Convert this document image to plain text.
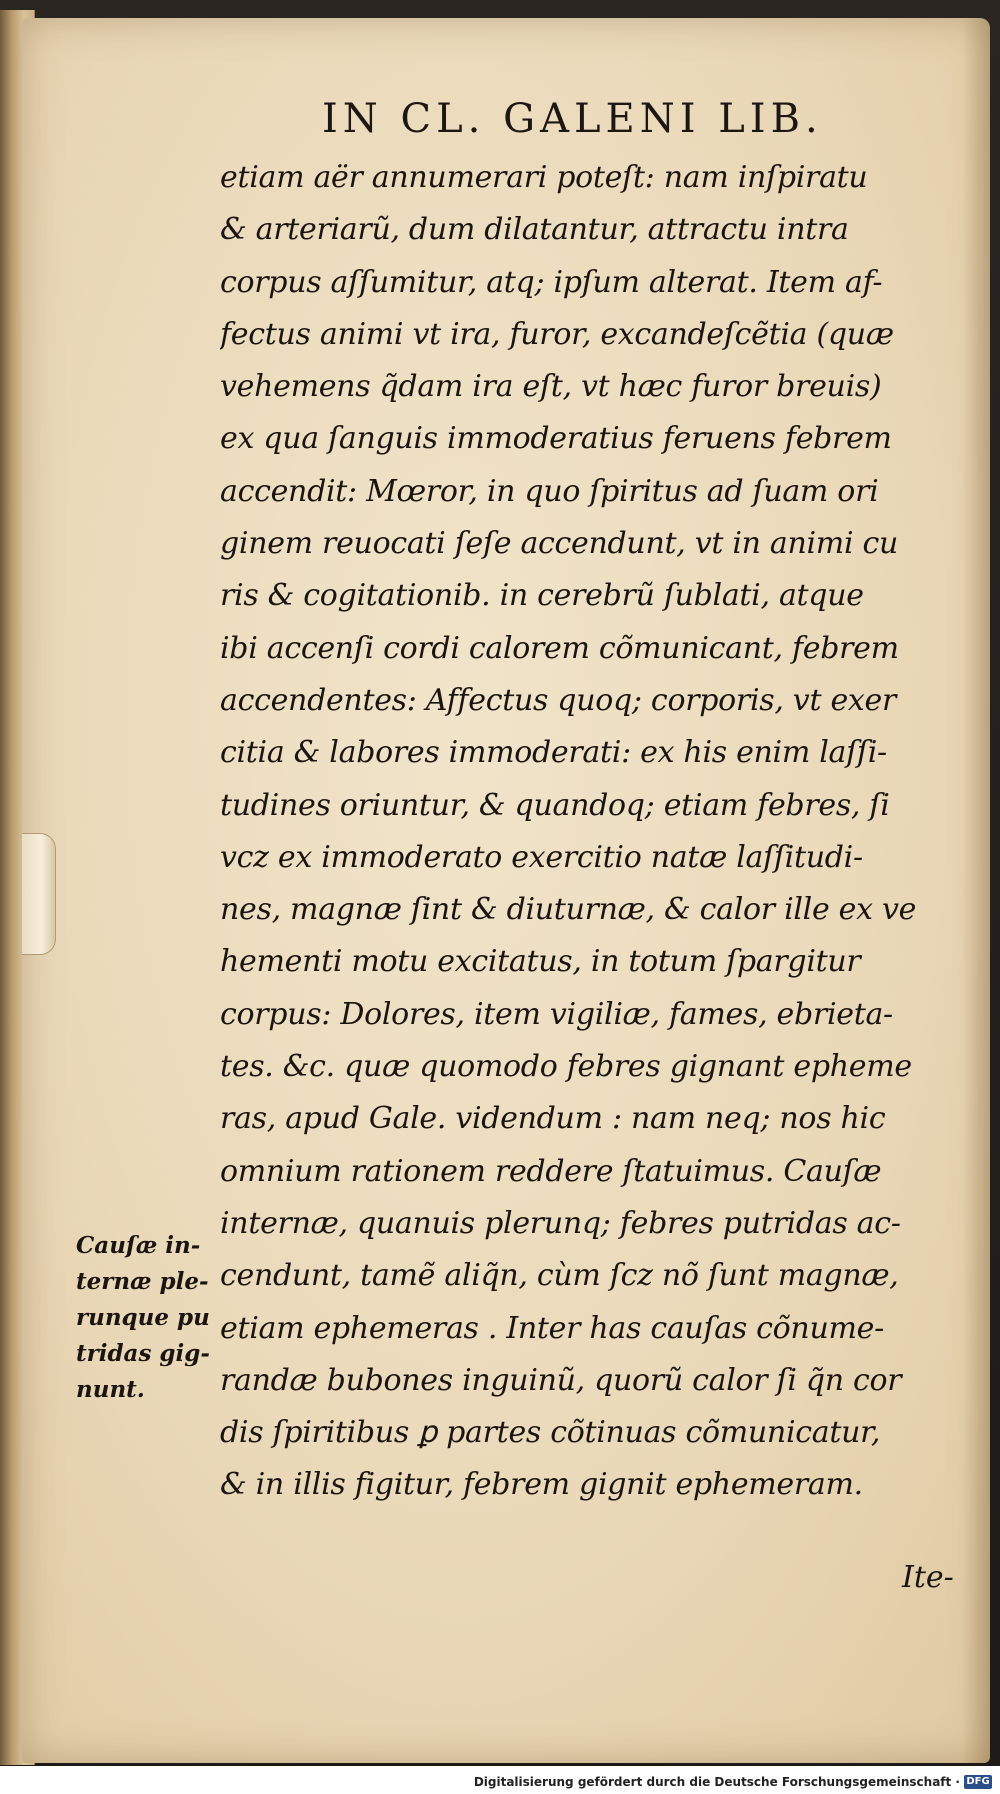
IN CL. GALENI LIB.
etiam aër annumerari poteſt: nam inſpiratu
& arteriarũ, dum dilatantur, attractu intra
corpus aſſumitur, atq; ipſum alterat. Item af-
fectus animi vt ira, furor, excandeſcẽtia (quæ
vehemens q̃dam ira eſt, vt hæc furor breuis)
ex qua ſanguis immoderatius feruens febrem
accendit: Mœror, in quo ſpiritus ad ſuam ori
ginem reuocati ſeſe accendunt, vt in animi cu
ris & cogitationib. in cerebrũ ſublati, atque
ibi accenſi cordi calorem cõmunicant, febrem
accendentes: Affectus quoq; corporis, vt exer
citia & labores immoderati: ex his enim laſſi-
tudines oriuntur, & quandoq; etiam febres, ſi
vcz ex immoderato exercitio natæ laſſitudi-
nes, magnæ ſint & diuturnæ, & calor ille ex ve
hementi motu excitatus, in totum ſpargitur
corpus: Dolores, item vigiliæ, fames, ebrieta-
tes. &c. quæ quomodo febres gignant epheme
ras, apud Gale. videndum : nam neq; nos hic
omnium rationem reddere ſtatuimus. Cauſæ
internæ, quanuis plerunq; febres putridas ac-
cendunt, tamẽ aliq̃n, cùm ſcz nõ ſunt magnæ,
etiam ephemeras . Inter has cauſas cõnume-
randæ bubones inguinũ, quorũ calor ſi q̃n cor
dis ſpiritibus ꝑ partes cõtinuas cõmunicatur,
& in illis figitur, febrem gignit ephemeram.
Ite-
Cauſæ in-
ternæ ple-
runque pu
tridas gig-
nunt.
Digitalisierung gefördert durch die Deutsche Forschungsgemeinschaft · DFG
